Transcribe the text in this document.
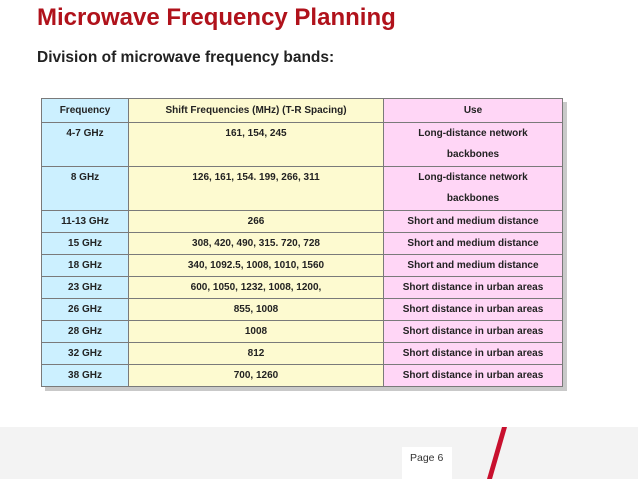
Microwave Frequency Planning
Division of microwave frequency bands:
Frequency	Shift Frequencies (MHz) (T-R Spacing)	Use
4-7 GHz	161, 154, 245	Long-distance network
backbones

8 GHz	126, 161, 154. 199, 266, 311	Long-distance network
backbones

11-13 GHz	266	Short and medium distance

15 GHz	308, 420, 490, 315. 720, 728	Short and medium distance

18 GHz	340, 1092.5, 1008, 1010, 1560	Short and medium distance

23 GHz	600, 1050, 1232, 1008, 1200,	Short distance in urban areas

26 GHz	855, 1008	Short distance in urban areas

28 GHz	1008	Short distance in urban areas

32 GHz	812	Short distance in urban areas

38 GHz	700, 1260	Short distance in urban areas
Page 6
